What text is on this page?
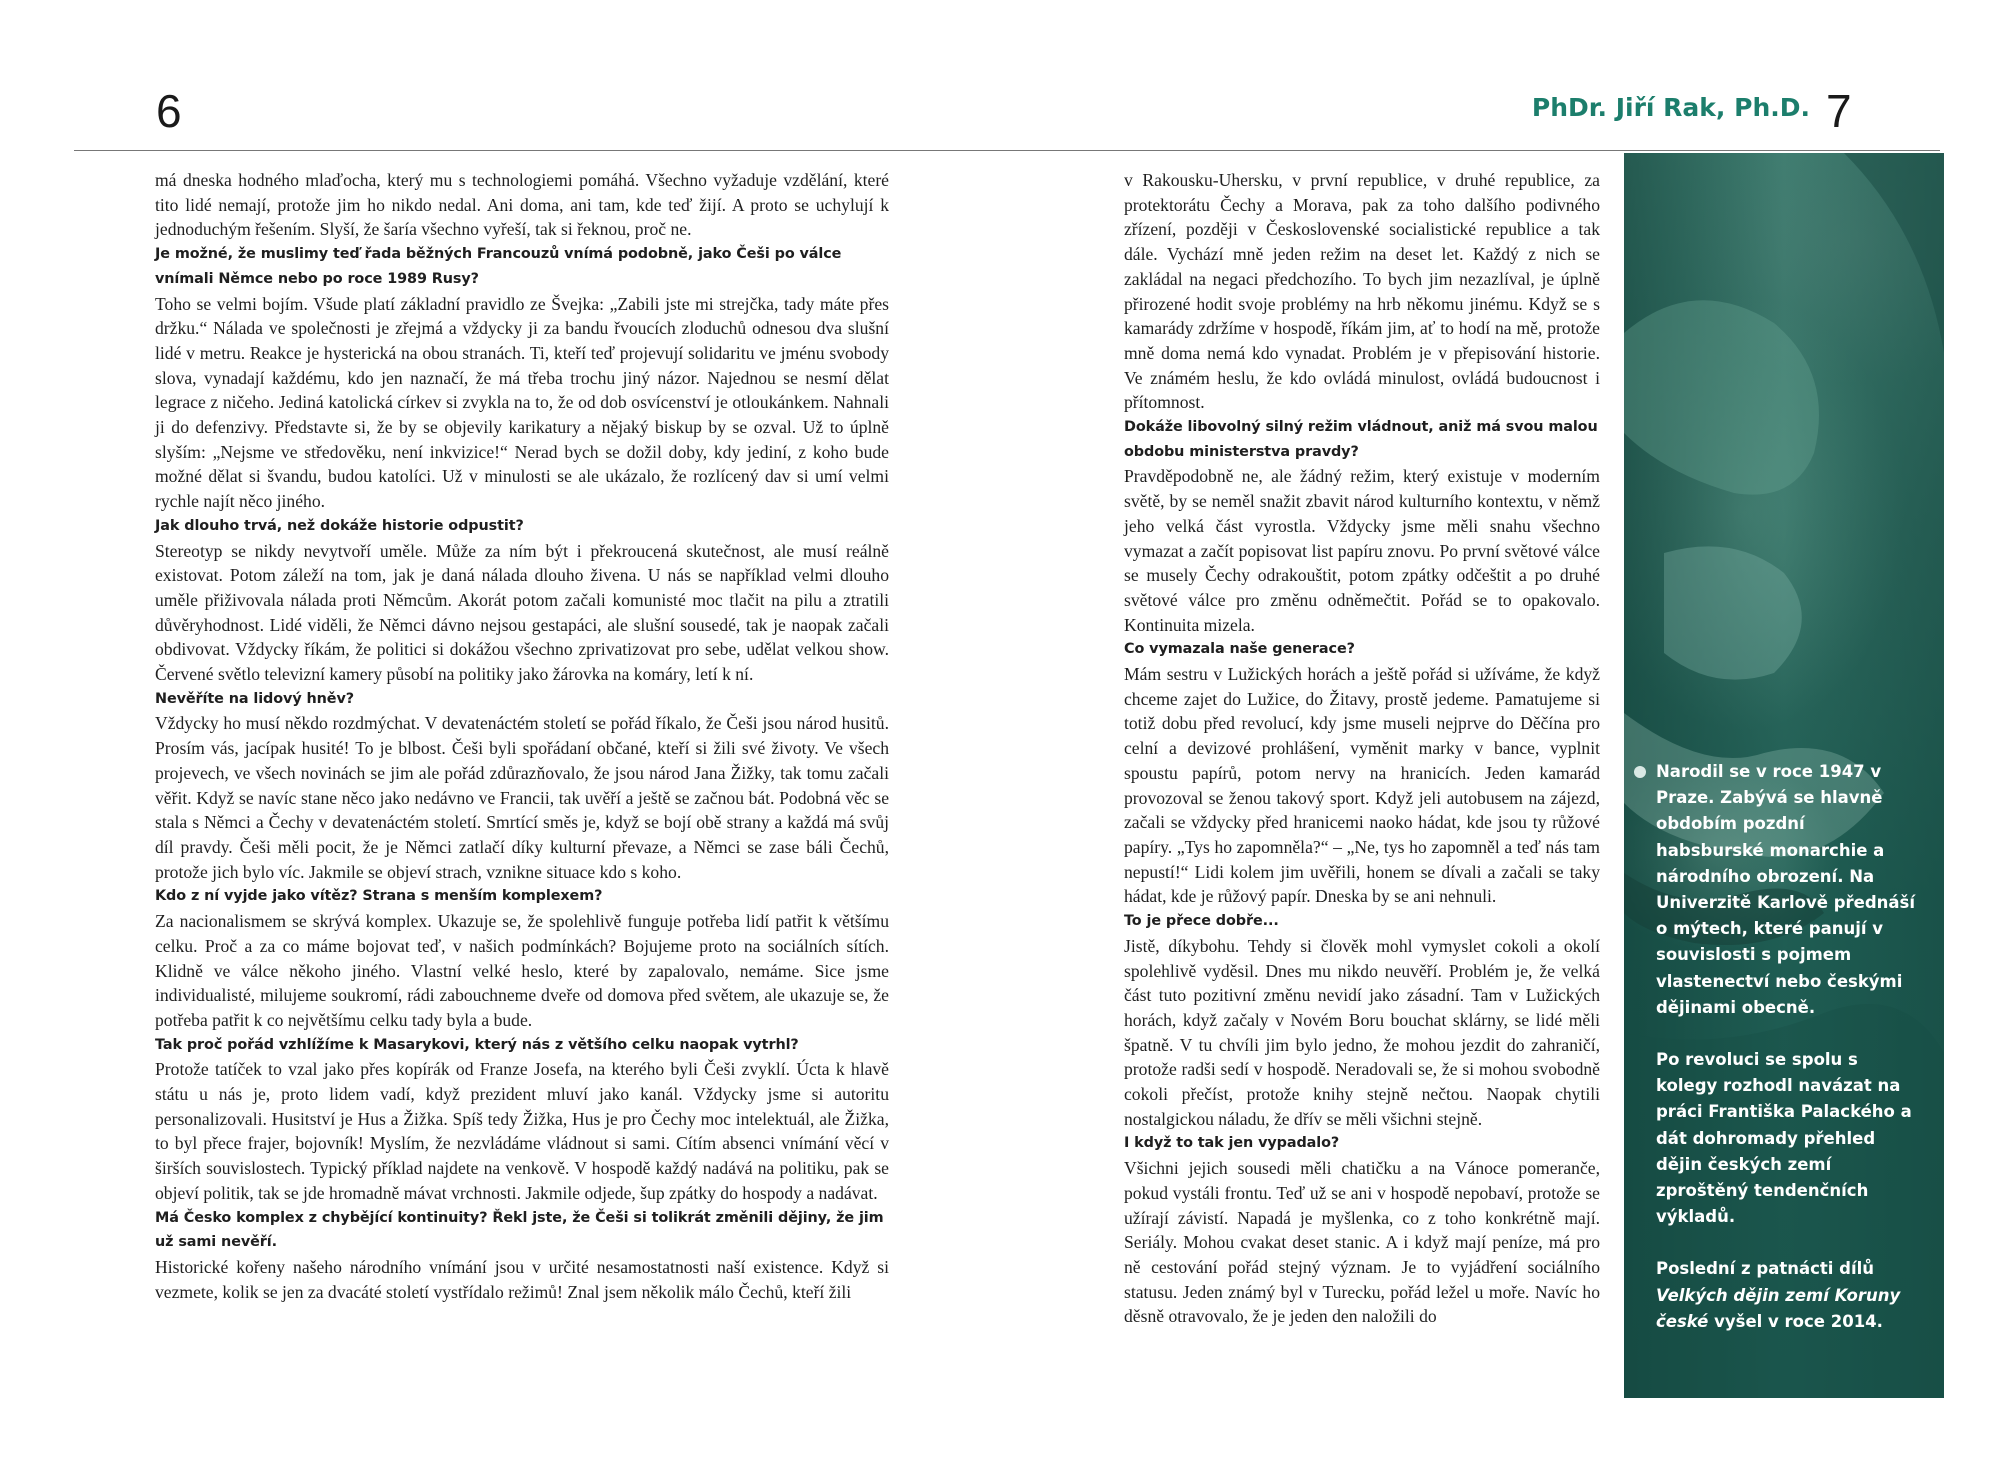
6	PhDr. Jiří Rak, Ph.D. 7

má dneska hodného mlaďocha, který mu s technologiemi pomáhá. Všechno vyžaduje vzdělání, které tito lidé nemají, protože jim ho nikdo nedal. Ani doma, ani tam, kde teď žijí. A proto se uchylují k jednoduchým řešením. Slyší, že šaría všechno vyřeší, tak si řeknou, proč ne.

Je možné, že muslimy teď řada běžných Francouzů vnímá podobně, jako Češi po válce vnímali Němce nebo po roce 1989 Rusy?

Toho se velmi bojím. Všude platí základní pravidlo ze Švejka: „Zabili jste mi strejčka, tady máte přes držku.“ Nálada ve společnosti je zřejmá a vždycky ji za bandu řvoucích zloduchů odnesou dva slušní lidé v metru. Reakce je hysterická na obou stranách. Ti, kteří teď projevují solidaritu ve jménu svobody slova, vynadají každému, kdo jen naznačí, že má třeba trochu jiný názor. Najednou se nesmí dělat legrace z ničeho. Jediná katolická církev si zvykla na to, že od dob osvícenství je otloukánkem. Nahnali ji do defenzivy. Představte si, že by se objevily karikatury a nějaký biskup by se ozval. Už to úplně slyším: „Nejsme ve středověku, není inkvizice!“ Nerad bych se dožil doby, kdy jediní, z koho bude možné dělat si švandu, budou katolíci. Už v minulosti se ale ukázalo, že rozlícený dav si umí velmi rychle najít něco jiného.

Jak dlouho trvá, než dokáže historie odpustit?

Stereotyp se nikdy nevytvoří uměle. Může za ním být i překroucená skutečnost, ale musí reálně existovat. Potom záleží na tom, jak je daná nálada dlouho živena. U nás se například velmi dlouho uměle přiživovala nálada proti Němcům. Akorát potom začali komunisté moc tlačit na pilu a ztratili důvěryhodnost. Lidé viděli, že Němci dávno nejsou gestapáci, ale slušní sousedé, tak je naopak začali obdivovat. Vždycky říkám, že politici si dokážou všechno zprivatizovat pro sebe, udělat velkou show. Červené světlo televizní kamery působí na politiky jako žárovka na komáry, letí k ní.

Nevěříte na lidový hněv?

Vždycky ho musí někdo rozdmýchat. V devatenáctém století se pořád říkalo, že Češi jsou národ husitů. Prosím vás, jacípak husité! To je blbost. Češi byli spořádaní občané, kteří si žili své životy. Ve všech projevech, ve všech novinách se jim ale pořád zdůrazňovalo, že jsou národ Jana Žižky, tak tomu začali věřit. Když se navíc stane něco jako nedávno ve Francii, tak uvěří a ještě se začnou bát. Podobná věc se stala s Němci a Čechy v devatenáctém století. Smrtící směs je, když se bojí obě strany a každá má svůj díl pravdy. Češi měli pocit, že je Němci zatlačí díky kulturní převaze, a Němci se zase báli Čechů, protože jich bylo víc. Jakmile se objeví strach, vznikne situace kdo s koho.

Kdo z ní vyjde jako vítěz? Strana s menším komplexem?

Za nacionalismem se skrývá komplex. Ukazuje se, že spolehlivě funguje potřeba lidí patřit k většímu celku. Proč a za co máme bojovat teď, v našich podmínkách? Bojujeme proto na sociálních sítích. Klidně ve válce někoho jiného. Vlastní velké heslo, které by zapalovalo, nemáme. Sice jsme individualisté, milujeme soukromí, rádi zabouchneme dveře od domova před světem, ale ukazuje se, že potřeba patřit k co největšímu celku tady byla a bude.

Tak proč pořád vzhlížíme k Masarykovi, který nás z většího celku naopak vytrhl?

Protože tatíček to vzal jako přes kopírák od Franze Josefa, na kterého byli Češi zvyklí. Úcta k hlavě státu u nás je, proto lidem vadí, když prezident mluví jako kanál. Vždycky jsme si autoritu personalizovali. Husitství je Hus a Žižka. Spíš tedy Žižka, Hus je pro Čechy moc intelektuál, ale Žižka, to byl přece frajer, bojovník! Myslím, že nezvládáme vládnout si sami. Cítím absenci vnímání věcí v širších souvislostech. Typický příklad najdete na venkově. V hospodě každý nadává na politiku, pak se objeví politik, tak se jde hromadně mávat vrchnosti. Jakmile odjede, šup zpátky do hospody a nadávat.

Má Česko komplex z chybějící kontinuity? Řekl jste, že Češi si tolikrát změnili dějiny, že jim už sami nevěří.

Historické kořeny našeho národního vnímání jsou v určité nesamostatnosti naší existence. Když si vezmete, kolik se jen za dvacáté století vystřídalo režimů! Znal jsem několik málo Čechů, kteří žili

v Rakousku-Uhersku, v první republice, v druhé republice, za protektorátu Čechy a Morava, pak za toho dalšího podivného zřízení, později v Československé socialistické republice a tak dále. Vychází mně jeden režim na deset let. Každý z nich se zakládal na negaci předchozího. To bych jim nezazlíval, je úplně přirozené hodit svoje problémy na hrb někomu jinému. Když se s kamarády zdržíme v hospodě, říkám jim, ať to hodí na mě, protože mně doma nemá kdo vynadat. Problém je v přepisování historie. Ve známém heslu, že kdo ovládá minulost, ovládá budoucnost i přítomnost.

Dokáže libovolný silný režim vládnout, aniž má svou malou obdobu ministerstva pravdy?

Pravděpodobně ne, ale žádný režim, který existuje v moderním světě, by se neměl snažit zbavit národ kulturního kontextu, v němž jeho velká část vyrostla. Vždycky jsme měli snahu všechno vymazat a začít popisovat list papíru znovu. Po první světové válce se musely Čechy odrakouštit, potom zpátky odčeštit a po druhé světové válce pro změnu odněmečtit. Pořád se to opakovalo. Kontinuita mizela.

Co vymazala naše generace?

Mám sestru v Lužických horách a ještě pořád si užíváme, že když chceme zajet do Lužice, do Žitavy, prostě jedeme. Pamatujeme si totiž dobu před revolucí, kdy jsme museli nejprve do Děčína pro celní a devizové prohlášení, vyměnit marky v bance, vyplnit spoustu papírů, potom nervy na hranicích. Jeden kamarád provozoval se ženou takový sport. Když jeli autobusem na zájezd, začali se vždycky před hranicemi naoko hádat, kde jsou ty růžové papíry. „Tys ho zapomněla?“ – „Ne, tys ho zapomněl a teď nás tam nepustí!“ Lidi kolem jim uvěřili, honem se dívali a začali se taky hádat, kde je růžový papír. Dneska by se ani nehnuli.

To je přece dobře...

Jistě, díkybohu. Tehdy si člověk mohl vymyslet cokoli a okolí spolehlivě vyděsil. Dnes mu nikdo neuvěří. Problém je, že velká část tuto pozitivní změnu nevidí jako zásadní. Tam v Lužických horách, když začaly v Novém Boru bouchat sklárny, se lidé měli špatně. V tu chvíli jim bylo jedno, že mohou jezdit do zahraničí, protože radši sedí v hospodě. Neradovali se, že si mohou svobodně cokoli přečíst, protože knihy stejně nečtou. Naopak chytili nostalgickou náladu, že dřív se měli všichni stejně.

I když to tak jen vypadalo?

Všichni jejich sousedi měli chatičku a na Vánoce pomeranče, pokud vystáli frontu. Teď už se ani v hospodě nepobaví, protože se užírají závistí. Napadá je myšlenka, co z toho konkrétně mají. Seriály. Mohou cvakat deset stanic. A i když mají peníze, má pro ně cestování pořád stejný význam. Je to vyjádření sociálního statusu. Jeden známý byl v Turecku, pořád ležel u moře. Navíc ho děsně otravovalo, že je jeden den naložili do

Narodil se v roce 1947 v Praze. Zabývá se hlavně obdobím pozdní habsburské monarchie a národního obrození. Na Univerzitě Karlově přednáší o mýtech, které panují v souvislosti s pojmem vlastenectví nebo českými dějinami obecně.

Po revoluci se spolu s kolegy rozhodl navázat na práci Františka Palackého a dát dohromady přehled dějin českých zemí zproštěný tendenčních výkladů.

Poslední z patnácti dílů Velkých dějin zemí Koruny české vyšel v roce 2014.
